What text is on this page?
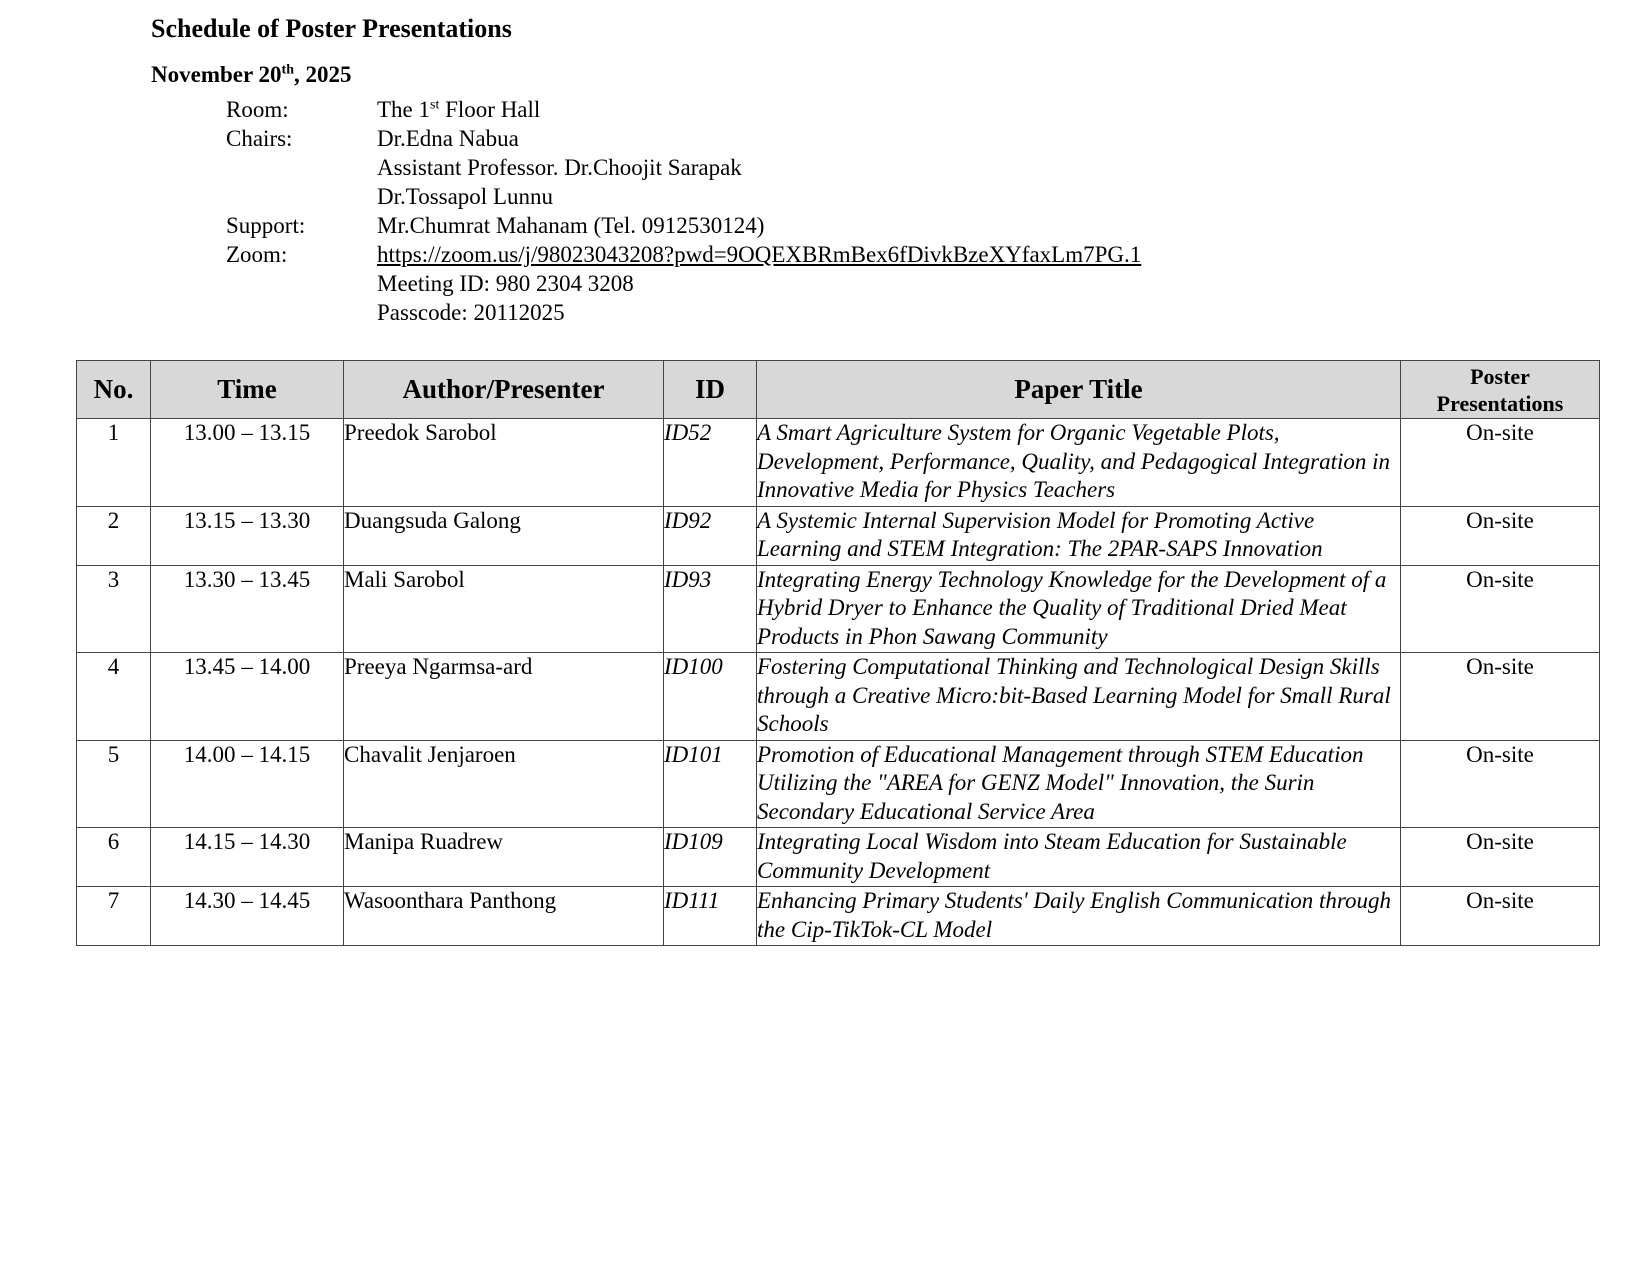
Schedule of Poster Presentations
November 20th, 2025
Room:	The 1st Floor Hall
Chairs:	Dr.Edna Nabua
Assistant Professor. Dr.Choojit Sarapak
Dr.Tossapol Lunnu
Support:	Mr.Chumrat Mahanam (Tel. 0912530124)
Zoom:	https://zoom.us/j/98023043208?pwd=9OQEXBRmBex6fDivkBzeXYfaxLm7PG.1
Meeting ID: 980 2304 3208
Passcode: 20112025
No.	Time	Author/Presenter	ID	Paper Title	Poster
Presentations
1	13.00 – 13.15	Preedok Sarobol	ID52	A Smart Agriculture System for Organic Vegetable Plots, Development, Performance, Quality, and Pedagogical Integration in Innovative Media for Physics Teachers	On-site
2	13.15 – 13.30	Duangsuda Galong	ID92	A Systemic Internal Supervision Model for Promoting Active Learning and STEM Integration: The 2PAR-SAPS Innovation	On-site
3	13.30 – 13.45	Mali Sarobol	ID93	Integrating Energy Technology Knowledge for the Development of a Hybrid Dryer to Enhance the Quality of Traditional Dried Meat Products in Phon Sawang Community	On-site
4	13.45 – 14.00	Preeya Ngarmsa-ard	ID100	Fostering Computational Thinking and Technological Design Skills through a Creative Micro:bit-Based Learning Model for Small Rural Schools	On-site
5	14.00 – 14.15	Chavalit Jenjaroen	ID101	Promotion of Educational Management through STEM Education Utilizing the "AREA for GENZ Model" Innovation, the Surin Secondary Educational Service Area	On-site
6	14.15 – 14.30	Manipa Ruadrew	ID109	Integrating Local Wisdom into Steam Education for Sustainable Community Development	On-site
7	14.30 – 14.45	Wasoonthara Panthong	ID111	Enhancing Primary Students' Daily English Communication through the Cip-TikTok-CL Model	On-site
